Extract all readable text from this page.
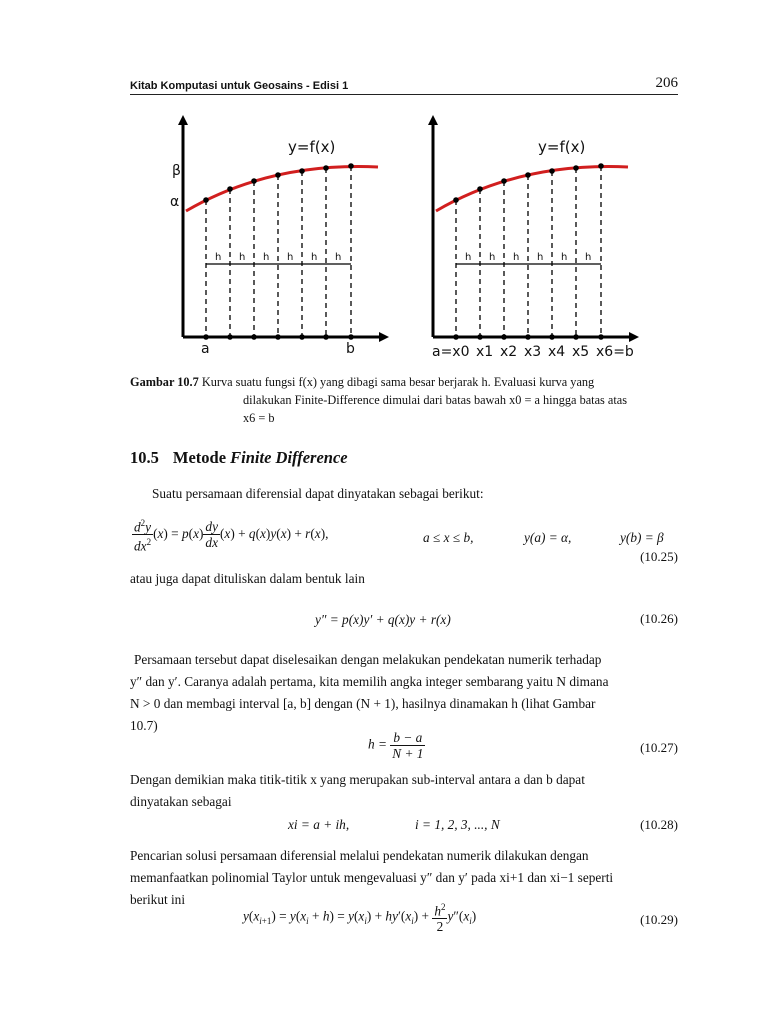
Kitab Komputasi untuk Geosains - Edisi 1	206
y=f(x)
β
α
a	b
h h h h h h
y=f(x)
h h h h h h
a=x0 x1 x2 x3 x4 x5 x6=b
Gambar 10.7 Kurva suatu fungsi f(x) yang dibagi sama besar berjarak h. Evaluasi kurva yang
dilakukan Finite-Difference dimulai dari batas bawah x0 = a hingga batas atas
x6 = b
10.5 Metode Finite Difference
Suatu persamaan diferensial dapat dinyatakan sebagai berikut:
$\frac{d^2y}{dx^2} (x) = p(x) \frac{dy}{dx} (x) + q(x)y(x) + r(x)$,	a ≤ x ≤ b,	y(a) = α,	y(b) = β
(10.25)
atau juga dapat dituliskan dalam bentuk lain
y″ = p(x)y′ + q(x)y + r(x)	(10.26)
Persamaan tersebut dapat diselesaikan dengan melakukan pendekatan numerik terhadap
y″ dan y′. Caranya adalah pertama, kita memilih angka integer sembarang yaitu N dimana
N > 0 dan membagi interval [a, b] dengan (N + 1), hasilnya dinamakan h (lihat Gambar
10.7)
$h = \frac{b - a}{N + 1}$	(10.27)
Dengan demikian maka titik-titik x yang merupakan sub-interval antara a dan b dapat
dinyatakan sebagai
xi = a + ih,	i = 1, 2, 3, ..., N	(10.28)
Pencarian solusi persamaan diferensial melalui pendekatan numerik dilakukan dengan
memanfaatkan polinomial Taylor untuk mengevaluasi y″ dan y′ pada xi+1 dan xi−1 seperti
berikut ini
$y(x_{i+1}) = y(x_i + h) = y(x_i) + hy'(x_i) + \frac{h^2}{2} y''(x_i)$	(10.29)
